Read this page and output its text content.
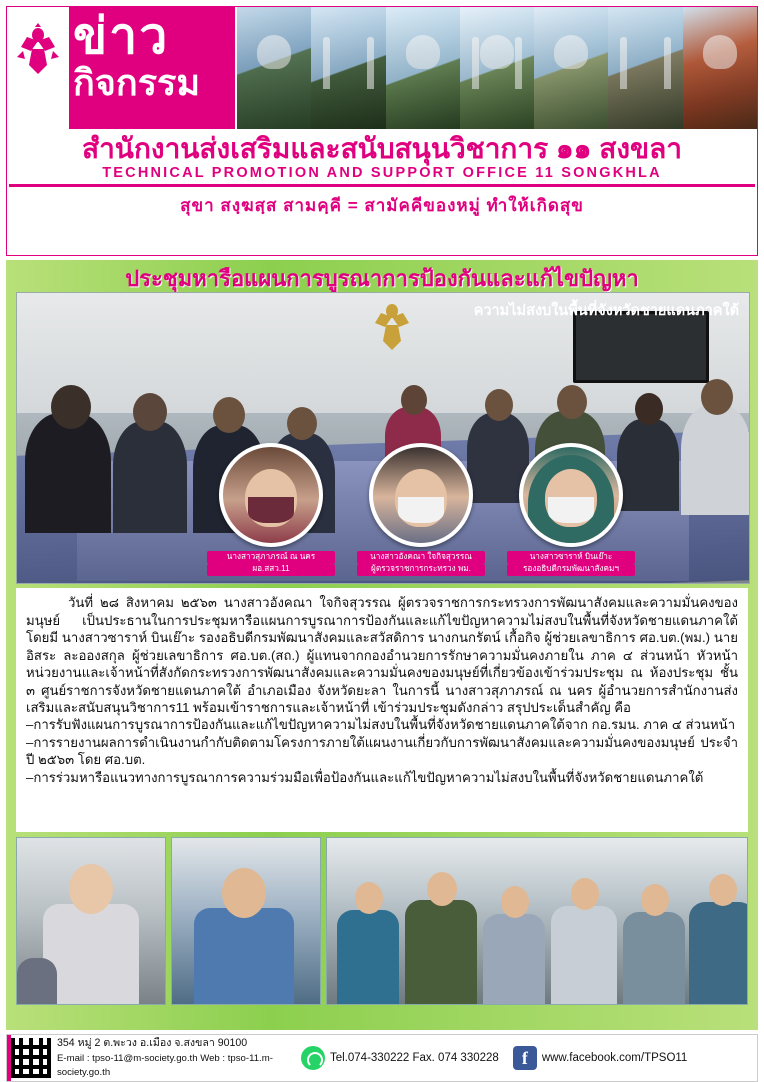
ข่าว
กิจกรรม
สำนักงานส่งเสริมและสนับสนุนวิชาการ ๑๑ สงขลา
TECHNICAL PROMOTION AND SUPPORT OFFICE 11 SONGKHLA
สุขา สงฺฆสฺส สามคฺคี = สามัคคีของหมู่ ทำให้เกิดสุข
ประชุมหารือแผนการบูรณาการป้องกันและแก้ไขปัญหา
ความไม่สงบในพื้นที่จังหวัดชายแดนภาคใต้
นางสาวสุภาภรณ์ ณ นคร
ผอ.สสว.11
นางสาวอังคณา ใจกิจสุวรรณ
ผู้ตรวจราชการกระทรวง พม.
นางสาวซาราห์ บินเย๊าะ
รองอธิบดีกรมพัฒนาสังคมฯ

วันที่ ๒๘ สิงหาคม ๒๕๖๓ นางสาวอังคณา ใจกิจสุวรรณ ผู้ตรวจราชการกระทรวงการพัฒนาสังคมและความมั่นคงของมนุษย์ เป็นประธานในการประชุมหารือแผนการบูรณาการป้องกันและแก้ไขปัญหาความไม่สงบในพื้นที่จังหวัดชายแดนภาคใต้ โดยมี นางสาวซาราห์ บินเย๊าะ รองอธิบดีกรมพัฒนาสังคมและสวัสดิการ นางกนกรัตน์ เกื้อกิจ ผู้ช่วยเลขาธิการ ศอ.บต.(พม.) นายอิสระ ละอองสกุล ผู้ช่วยเลขาธิการ ศอ.บต.(สถ.) ผู้แทนจากกองอำนวยการรักษาความมั่นคงภายใน ภาค ๔ ส่วนหน้า หัวหน้าหน่วยงานและเจ้าหน้าที่สังกัดกระทรวงการพัฒนาสังคมและความมั่นคงของมนุษย์ที่เกี่ยวข้องเข้าร่วมประชุม ณ ห้องประชุม ชั้น ๓ ศูนย์ราชการจังหวัดชายแดนภาคใต้ อำเภอเมือง จังหวัดยะลา ในการนี้ นางสาวสุภาภรณ์ ณ นคร ผู้อำนวยการสำนักงานส่งเสริมและสนับสนุนวิชาการ11 พร้อมเข้าราชการและเจ้าหน้าที่ เข้าร่วมประชุมดังกล่าว สรุปประเด็นสำคัญ คือ

–การรับฟังแผนการบูรณาการป้องกันและแก้ไขปัญหาความไม่สงบในพื้นที่จังหวัดชายแดนภาคใต้จาก กอ.รมน. ภาค ๔ ส่วนหน้า

–การรายงานผลการดำเนินงานกำกับติดตามโครงการภายใต้แผนงานเกี่ยวกับการพัฒนาสังคมและความมั่นคงของมนุษย์ ประจำปี ๒๕๖๓ โดย ศอ.บต.

–การร่วมหารือแนวทางการบูรณาการความร่วมมือเพื่อป้องกันและแก้ไขปัญหาความไม่สงบในพื้นที่จังหวัดชายแดนภาคใต้

354 หมู่ 2 ต.พะวง อ.เมือง จ.สงขลา 90100
E-mail : tpso-11@m-society.go.th Web : tpso-11.m-society.go.th
Tel.074-330222 Fax. 074 330228	f	www.facebook.com/TPSO11
